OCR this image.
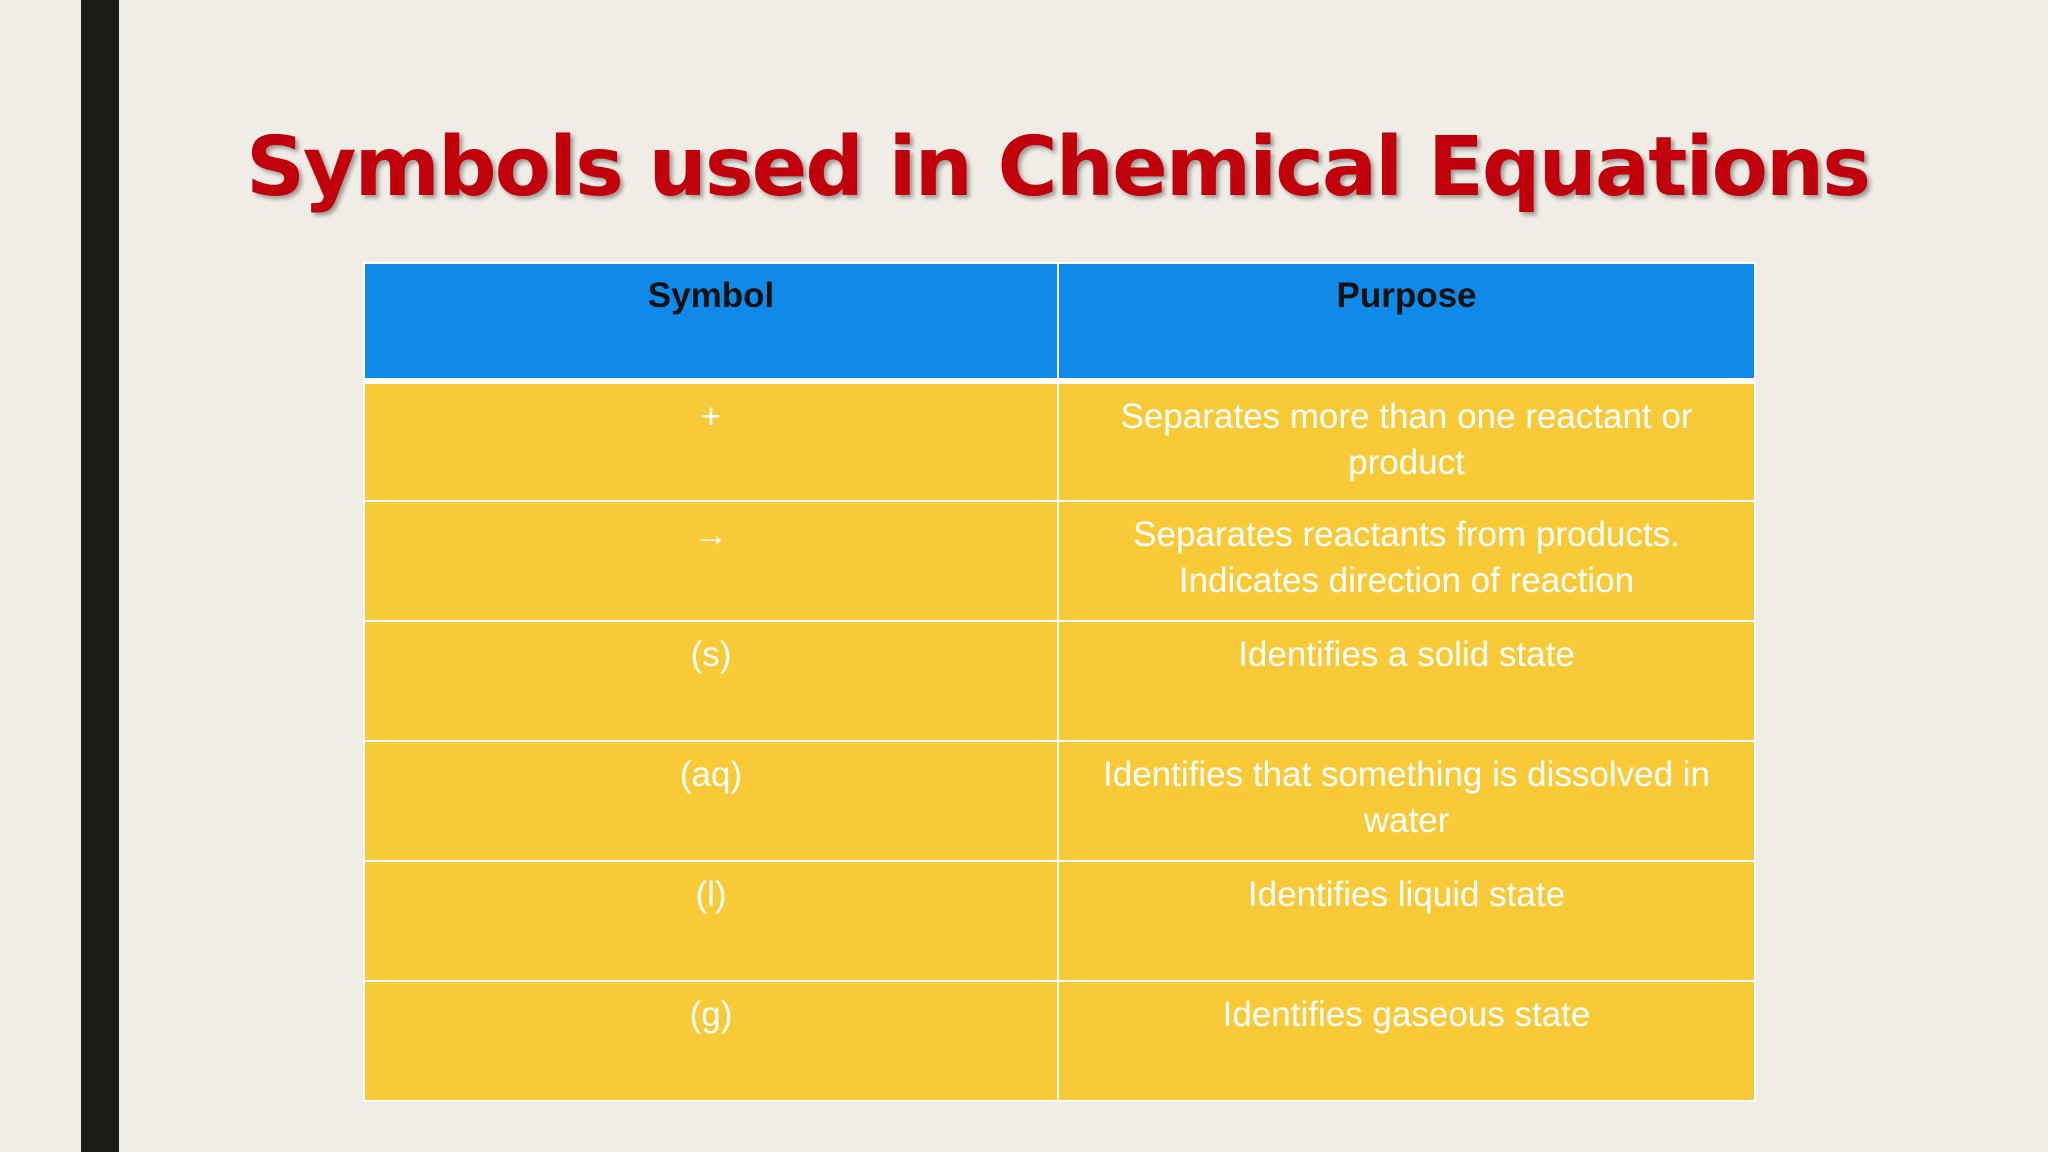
Symbols used in Chemical Equations
Symbol	Purpose
+	Separates more than one reactant or product
→	Separates reactants from products. Indicates direction of reaction
(s)	Identifies a solid state
(aq)	Identifies that something is dissolved in water
(l)	Identifies liquid state
(g)	Identifies gaseous state
